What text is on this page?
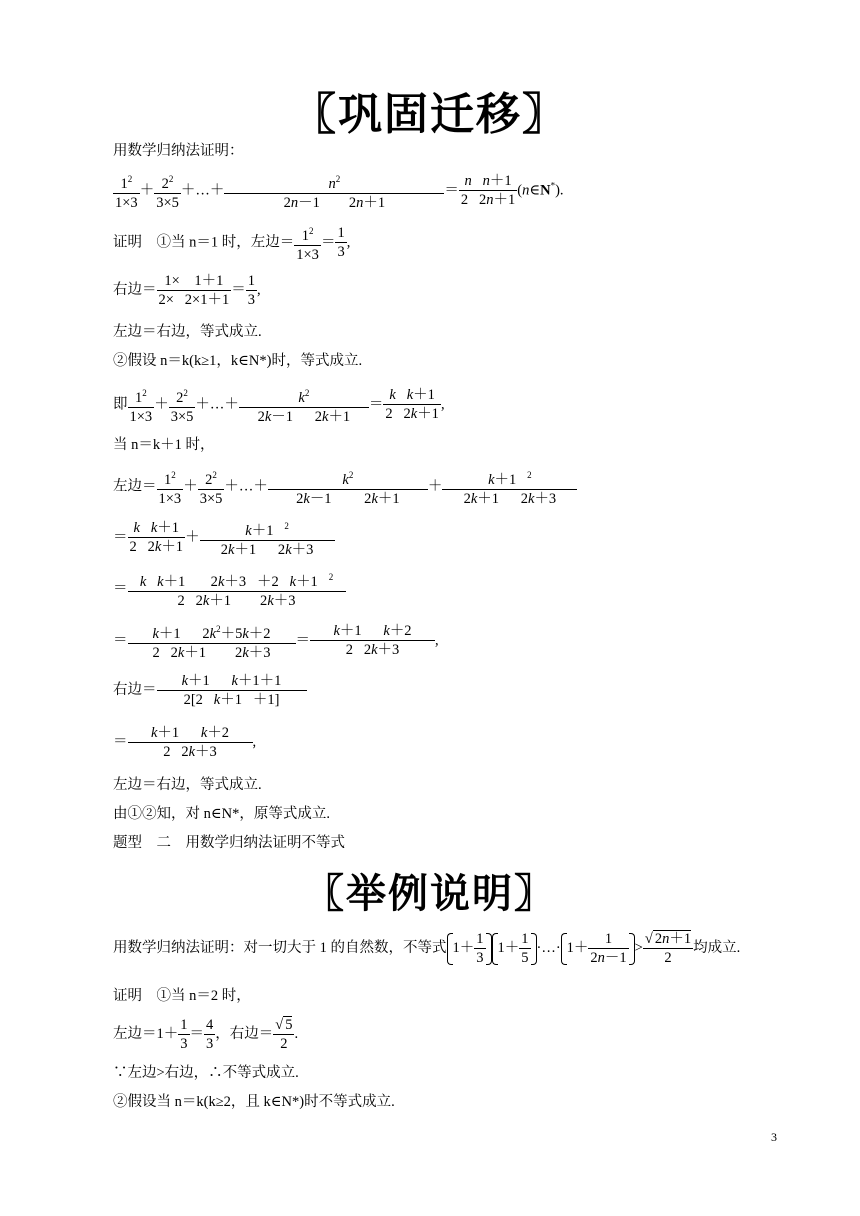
〖巩固迁移〗
用数学归纳法证明：
$\frac{1^2}{1\times 3} + \frac{2^2}{3\times 5}$ ＋…＋ $\frac{n^2}{2n-1 2n+1} = \frac{\text{n n＋1}}{2 2n+1}$ (n∈N*).
证明　①当 n＝1 时，左边＝ $\frac{1^2}{1\times 3} = \frac{1}{3}$ ,
右边＝ $\frac{1\times 1+1}{2\times 2\times 1+1} = \frac{1}{3}$ ,
左边＝右边，等式成立.
②假设 n＝k(k≥1，k∈N*)时，等式成立.
即 $\frac{1^2}{1\times 3} + \frac{2^2}{3\times 5}$ ＋…＋ $\frac{k^2}{2k-1 2k+1} = \frac{\text{k k＋1}}{2 2k+1}$ ,
当 n＝k＋1 时，
左边＝ $\frac{1^2}{1\times 3} + \frac{2^2}{3\times 5}$ ＋…＋ $\frac{k^2}{2k-1 2k+1} + \frac{k+1 ^2}{2k+1 2k+3}$
＝ $\frac{\text{k k＋1}}{2 2k+1} + \frac{k+1 ^2}{2k+1 2k+3}$
＝ $\frac{k k+1 2k+3 +2 k+1 ^2}{2 2k+1 2k+3}$
＝ $\frac{k+1 2k^2+5k+2}{2 2k+1 2k+3} = \frac{k+1 k+2}{2 2k+3}$ ,
右边＝ $\frac{k+1 k+1+1}{2[2 k+1 +1]}$
＝ $\frac{k+1 k+2}{2 2k+3}$ ,
左边＝右边，等式成立.
由①②知，对 n∈N*，原等式成立.
题型　二　用数学归纳法证明不等式
〖举例说明〗
用数学归纳法证明：对一切大于 1 的自然数，不等式 $1+ \frac{1}{3} 1+ \frac{1}{5}$ ·…· $1+ \frac{1}{2n-1} > \frac{√ 2n+1}{2}$ 均成立.
证明　①当 n＝2 时，
左边$=1+ \frac{1}{3} = \frac{4}{3}$ ，右边＝ $\frac{√ 5}{2}$ .
∵左边>右边，∴不等式成立.
②假设当 n＝k(k≥2，且 k∈N*)时不等式成立.
3
